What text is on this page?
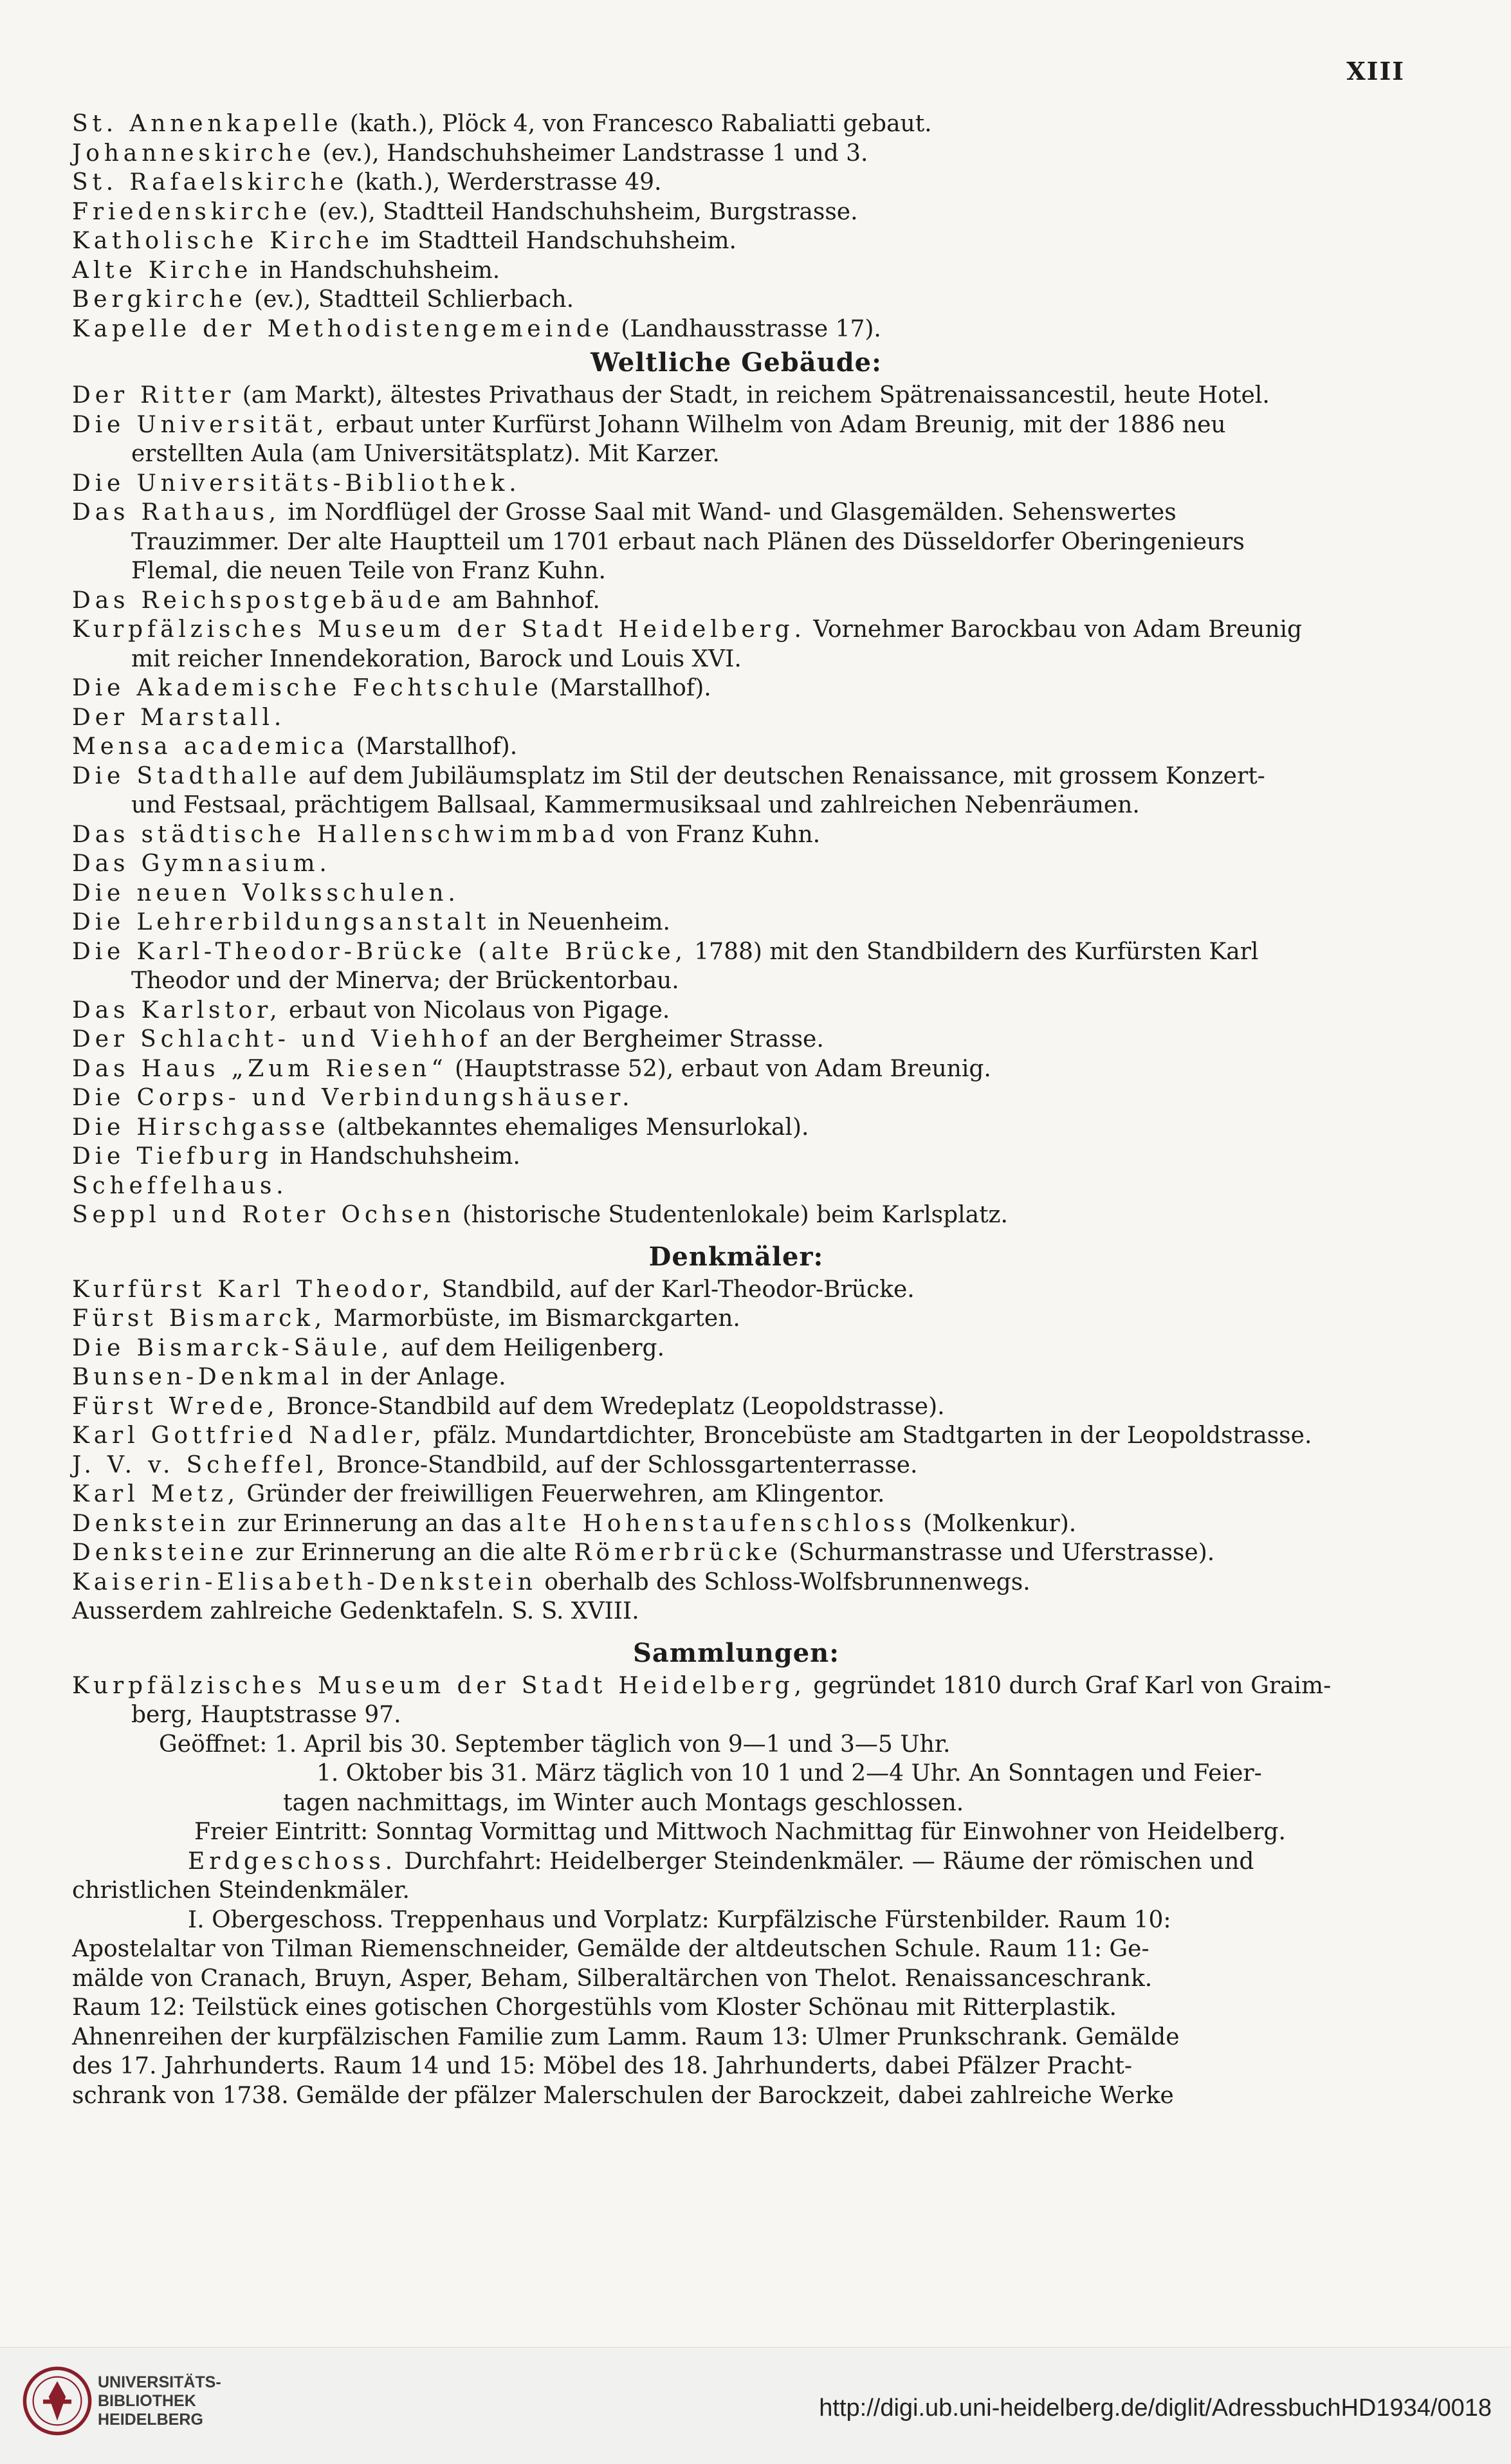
XIII
St. Annenkapelle (kath.), Plöck 4, von Francesco Rabaliatti gebaut.
Johanneskirche (ev.), Handschuhsheimer Landstrasse 1 und 3.
St. Rafaelskirche (kath.), Werderstrasse 49.
Friedenskirche (ev.), Stadtteil Handschuhsheim, Burgstrasse.
Katholische Kirche im Stadtteil Handschuhsheim.
Alte Kirche in Handschuhsheim.
Bergkirche (ev.), Stadtteil Schlierbach.
Kapelle der Methodistengemeinde (Landhausstrasse 17).
Weltliche Gebäude:
Der Ritter (am Markt), ältestes Privathaus der Stadt, in reichem Spätrenaissancestil, heute Hotel.
Die Universität, erbaut unter Kurfürst Johann Wilhelm von Adam Breunig, mit der 1886 neu
erstellten Aula (am Universitätsplatz). Mit Karzer.
Die Universitäts-Bibliothek.
Das Rathaus, im Nordflügel der Grosse Saal mit Wand- und Glasgemälden. Sehenswertes
Trauzimmer. Der alte Hauptteil um 1701 erbaut nach Plänen des Düsseldorfer Oberingenieurs
Flemal, die neuen Teile von Franz Kuhn.
Das Reichspostgebäude am Bahnhof.
Kurpfälzisches Museum der Stadt Heidelberg. Vornehmer Barockbau von Adam Breunig
mit reicher Innendekoration, Barock und Louis XVI.
Die Akademische Fechtschule (Marstallhof).
Der Marstall.
Mensa academica (Marstallhof).
Die Stadthalle auf dem Jubiläumsplatz im Stil der deutschen Renaissance, mit grossem Konzert-
und Festsaal, prächtigem Ballsaal, Kammermusiksaal und zahlreichen Nebenräumen.
Das städtische Hallenschwimmbad von Franz Kuhn.
Das Gymnasium.
Die neuen Volksschulen.
Die Lehrerbildungsanstalt in Neuenheim.
Die Karl-Theodor-Brücke (alte Brücke, 1788) mit den Standbildern des Kurfürsten Karl
Theodor und der Minerva; der Brückentorbau.
Das Karlstor, erbaut von Nicolaus von Pigage.
Der Schlacht- und Viehhof an der Bergheimer Strasse.
Das Haus „Zum Riesen“ (Hauptstrasse 52), erbaut von Adam Breunig.
Die Corps- und Verbindungshäuser.
Die Hirschgasse (altbekanntes ehemaliges Mensurlokal).
Die Tiefburg in Handschuhsheim.
Scheffelhaus.
Seppl und Roter Ochsen (historische Studentenlokale) beim Karlsplatz.
Denkmäler:
Kurfürst Karl Theodor, Standbild, auf der Karl-Theodor-Brücke.
Fürst Bismarck, Marmorbüste, im Bismarckgarten.
Die Bismarck-Säule, auf dem Heiligenberg.
Bunsen-Denkmal in der Anlage.
Fürst Wrede, Bronce-Standbild auf dem Wredeplatz (Leopoldstrasse).
Karl Gottfried Nadler, pfälz. Mundartdichter, Broncebüste am Stadtgarten in der Leopoldstrasse.
J. V. v. Scheffel, Bronce-Standbild, auf der Schlossgartenterrasse.
Karl Metz, Gründer der freiwilligen Feuerwehren, am Klingentor.
Denkstein zur Erinnerung an das alte Hohenstaufenschloss (Molkenkur).
Denksteine zur Erinnerung an die alte Römerbrücke (Schurmanstrasse und Uferstrasse).
Kaiserin-Elisabeth-Denkstein oberhalb des Schloss-Wolfsbrunnenwegs.
Ausserdem zahlreiche Gedenktafeln. S. S. XVIII.
Sammlungen:
Kurpfälzisches Museum der Stadt Heidelberg, gegründet 1810 durch Graf Karl von Graim-
berg, Hauptstrasse 97.
Geöffnet: 1. April bis 30. September täglich von 9—1 und 3—5 Uhr.
1. Oktober bis 31. März täglich von 10 1 und 2—4 Uhr. An Sonntagen und Feier-
tagen nachmittags, im Winter auch Montags geschlossen.
Freier Eintritt: Sonntag Vormittag und Mittwoch Nachmittag für Einwohner von Heidelberg.
Erdgeschoss. Durchfahrt: Heidelberger Steindenkmäler. — Räume der römischen und
christlichen Steindenkmäler.
I. Obergeschoss. Treppenhaus und Vorplatz: Kurpfälzische Fürstenbilder. Raum 10:
Apostelaltar von Tilman Riemenschneider, Gemälde der altdeutschen Schule. Raum 11: Ge-
mälde von Cranach, Bruyn, Asper, Beham, Silberaltärchen von Thelot. Renaissanceschrank.
Raum 12: Teilstück eines gotischen Chorgestühls vom Kloster Schönau mit Ritterplastik.
Ahnenreihen der kurpfälzischen Familie zum Lamm. Raum 13: Ulmer Prunkschrank. Gemälde
des 17. Jahrhunderts. Raum 14 und 15: Möbel des 18. Jahrhunderts, dabei Pfälzer Pracht-
schrank von 1738. Gemälde der pfälzer Malerschulen der Barockzeit, dabei zahlreiche Werke
UNIVERSITÄTS-
BIBLIOTHEK
HEIDELBERG	http://digi.ub.uni-heidelberg.de/diglit/AdressbuchHD1934/0018
